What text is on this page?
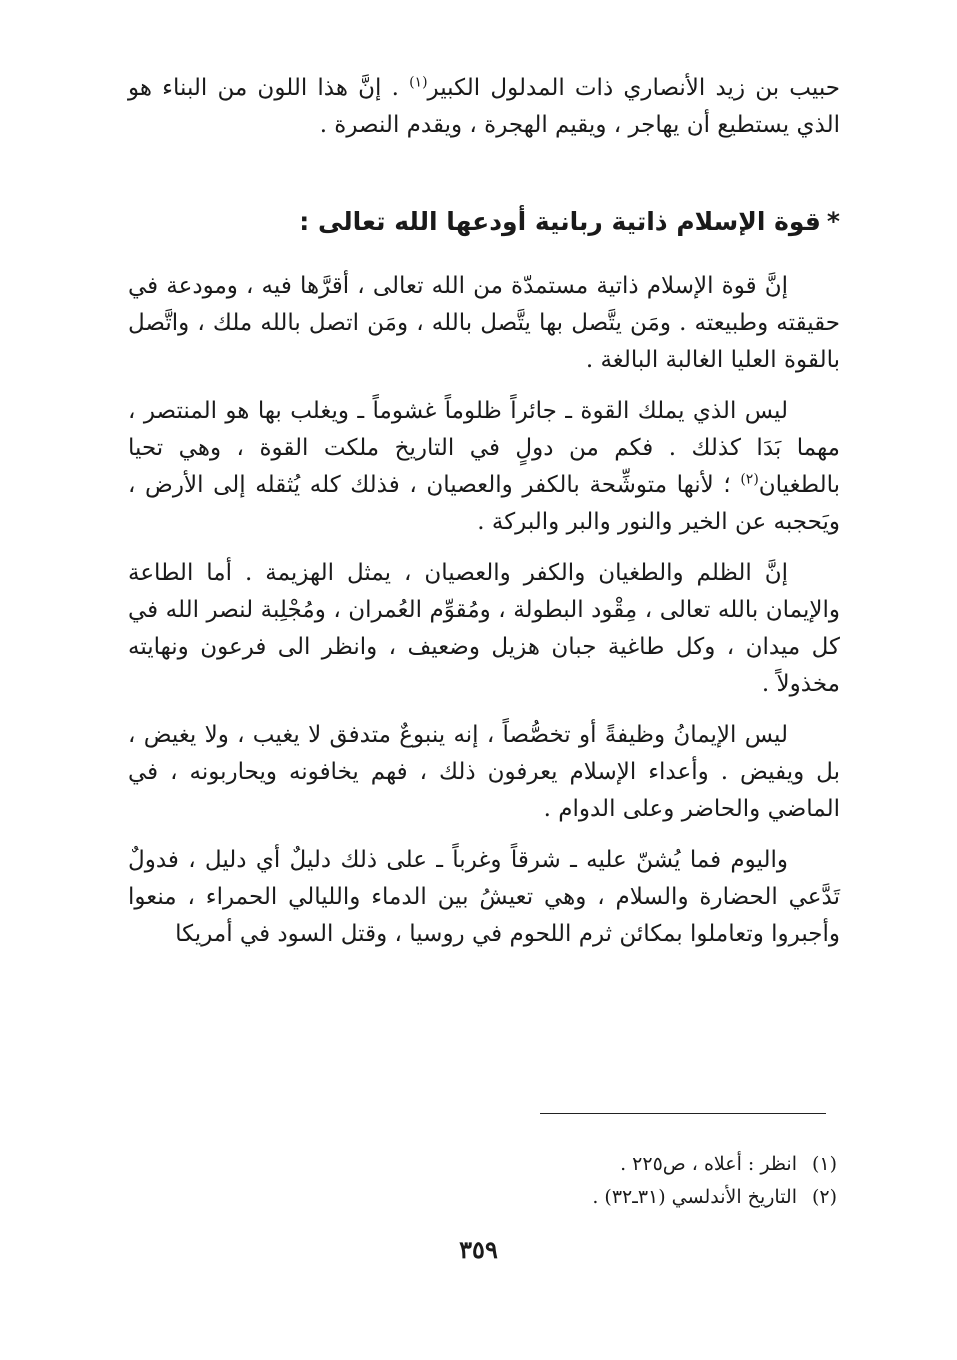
حبيب بن زيد الأنصاري ذات المدلول الكبير$^{(١)}$ . إنَّ هذا اللون من البناء هو الذي يستطيع أن يهاجر ، ويقيم الهجرة ، ويقدم النصرة .

*قوة الإسلام ذاتية ربانية أودعها الله تعالى :

إنَّ قوة الإسلام ذاتية مستمدّة من الله تعالى ، أقرَّها فيه ، ومودعة في حقيقته وطبيعته . ومَن يتَّصل بها يتَّصل بالله ، ومَن اتصل بالله ملك ، واتَّصل بالقوة العليا الغالبة البالغة .

ليس الذي يملك القوة ـ جائراً ظلوماً غشوماً ـ ويغلب بها هو المنتصر ، مهما بَدَا كذلك . فكم من دولٍ في التاريخ ملكت القوة ، وهي تحيا بالطغيان$^{(٢)}$ ؛ لأنها متوشِّحة بالكفر والعصيان ، فذلك كله يُثقله إلى الأرض ، ويَحجبه عن الخير والنور والبر والبركة .

إنَّ الظلم والطغيان والكفر والعصيان ، يمثل الهزيمة . أما الطاعة والإيمان بالله تعالى ، مِقْود البطولة ، ومُقوِّم العُمران ، ومُجْلِبة لنصر الله في كل ميدان ، وكل طاغية جبان هزيل وضعيف ، وانظر الى فرعون ونهايته مخذولاً .

ليس الإيمانُ وظيفةً أو تخصُّصاً ، إنه ينبوعٌ متدفق لا يغيب ، ولا يغيض ، بل ويفيض . وأعداء الإسلام يعرفون ذلك ، فهم يخافونه ويحاربونه ، في الماضي والحاضر وعلى الدوام .

واليوم فما يُشنّ عليه ـ شرقاً وغرباً ـ على ذلك دليلٌ أي دليل ، فدولٌ تَدَّعي الحضارة والسلام ، وهي تعيشُ بين الدماء والليالي الحمراء ، منعوا وأجبروا وتعاملوا بمكائن ثرم اللحوم في روسيا ، وقتل السود في أمريكا

(١)انظر : أعلاه ، ص٢٢٥ .

(٢)التاريخ الأندلسي (٣١ـ٣٢) .

٣٥٩
